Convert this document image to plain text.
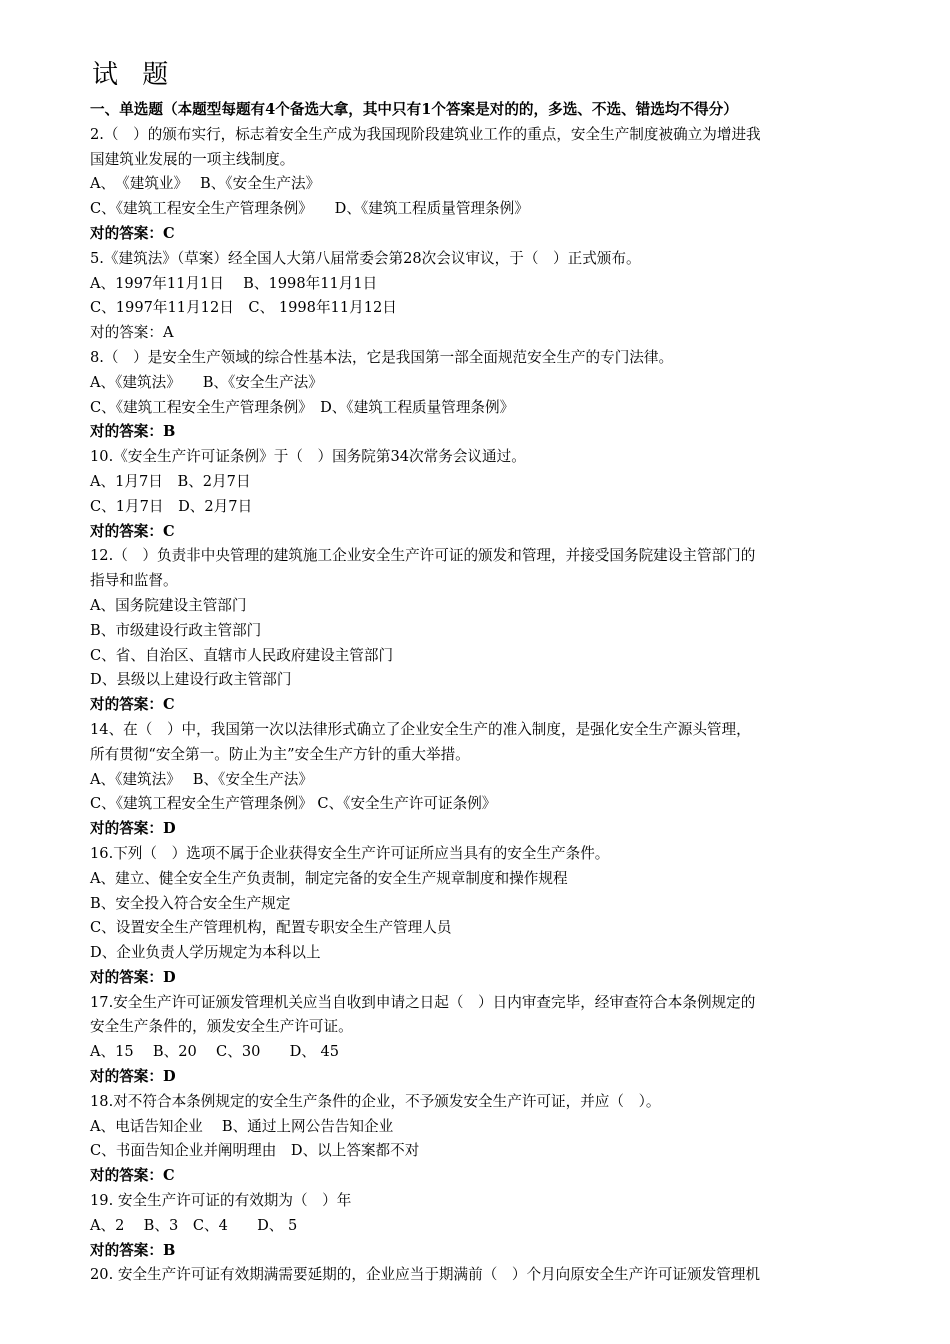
试 题
一、单选题（本题型每题有4个备选大拿，其中只有1个答案是对的的，多选、不选、错选均不得分）
2.（　）的颁布实行，标志着安全生产成为我国现阶段建筑业工作的重点，安全生产制度被确立为增进我
国建筑业发展的一项主线制度。
A、　《建筑业》　 B、《安全生产法》
C、《建筑工程安全生产管理条例》　　D、《建筑工程质量管理条例》
对的答案：C
5.《建筑法》（草案）经全国人大第八届常委会第28次会议审议，于（　）正式颁布。
A、1997年11月1日　 B、1998年11月1日
C、1997年11月12日　C、 1998年11月12日
对的答案：A
8.（　）是安全生产领域的综合性基本法，它是我国第一部全面规范安全生产的专门法律。
A、《建筑法》　　B、《安全生产法》
C、《建筑工程安全生产管理条例》　D、《建筑工程质量管理条例》
对的答案：B
10.《安全生产许可证条例》于（　）国务院第34次常务会议通过。
A、1月7日　B、2月7日
C、1月7日　D、2月7日
对的答案：C
12.（　）负责非中央管理的建筑施工企业安全生产许可证的颁发和管理，并接受国务院建设主管部门的
指导和监督。
A、国务院建设主管部门
B、市级建设行政主管部门
C、省、自治区、直辖市人民政府建设主管部门
D、县级以上建设行政主管部门
对的答案：C
14、在（　）中，我国第一次以法律形式确立了企业安全生产的准入制度，是强化安全生产源头管理，
所有贯彻“安全第一。防止为主”安全生产方针的重大举措。
A、《建筑法》　 B、《安全生产法》
C、《建筑工程安全生产管理条例》 C、《安全生产许可证条例》
对的答案：D
16.下列（　）选项不属于企业获得安全生产许可证所应当具有的安全生产条件。
A、建立、健全安全生产负责制，制定完备的安全生产规章制度和操作规程
B、安全投入符合安全生产规定
C、设置安全生产管理机构，配置专职安全生产管理人员
D、企业负责人学历规定为本科以上
对的答案：D
17.安全生产许可证颁发管理机关应当自收到申请之日起（　）日内审查完毕，经审查符合本条例规定的
安全生产条件的，颁发安全生产许可证。
A、15　 B、20　 C、30　　D、 45
对的答案：D
18.对不符合本条例规定的安全生产条件的企业，不予颁发安全生产许可证，并应（　）。
A、电话告知企业　 B、通过上网公告告知企业
C、书面告知企业并阐明理由　D、以上答案都不对
对的答案：C
19. 安全生产许可证的有效期为（　）年
A、2　 B、3　C、4　　D、 5
对的答案：B
20. 安全生产许可证有效期满需要延期的，企业应当于期满前（　）个月向原安全生产许可证颁发管理机
